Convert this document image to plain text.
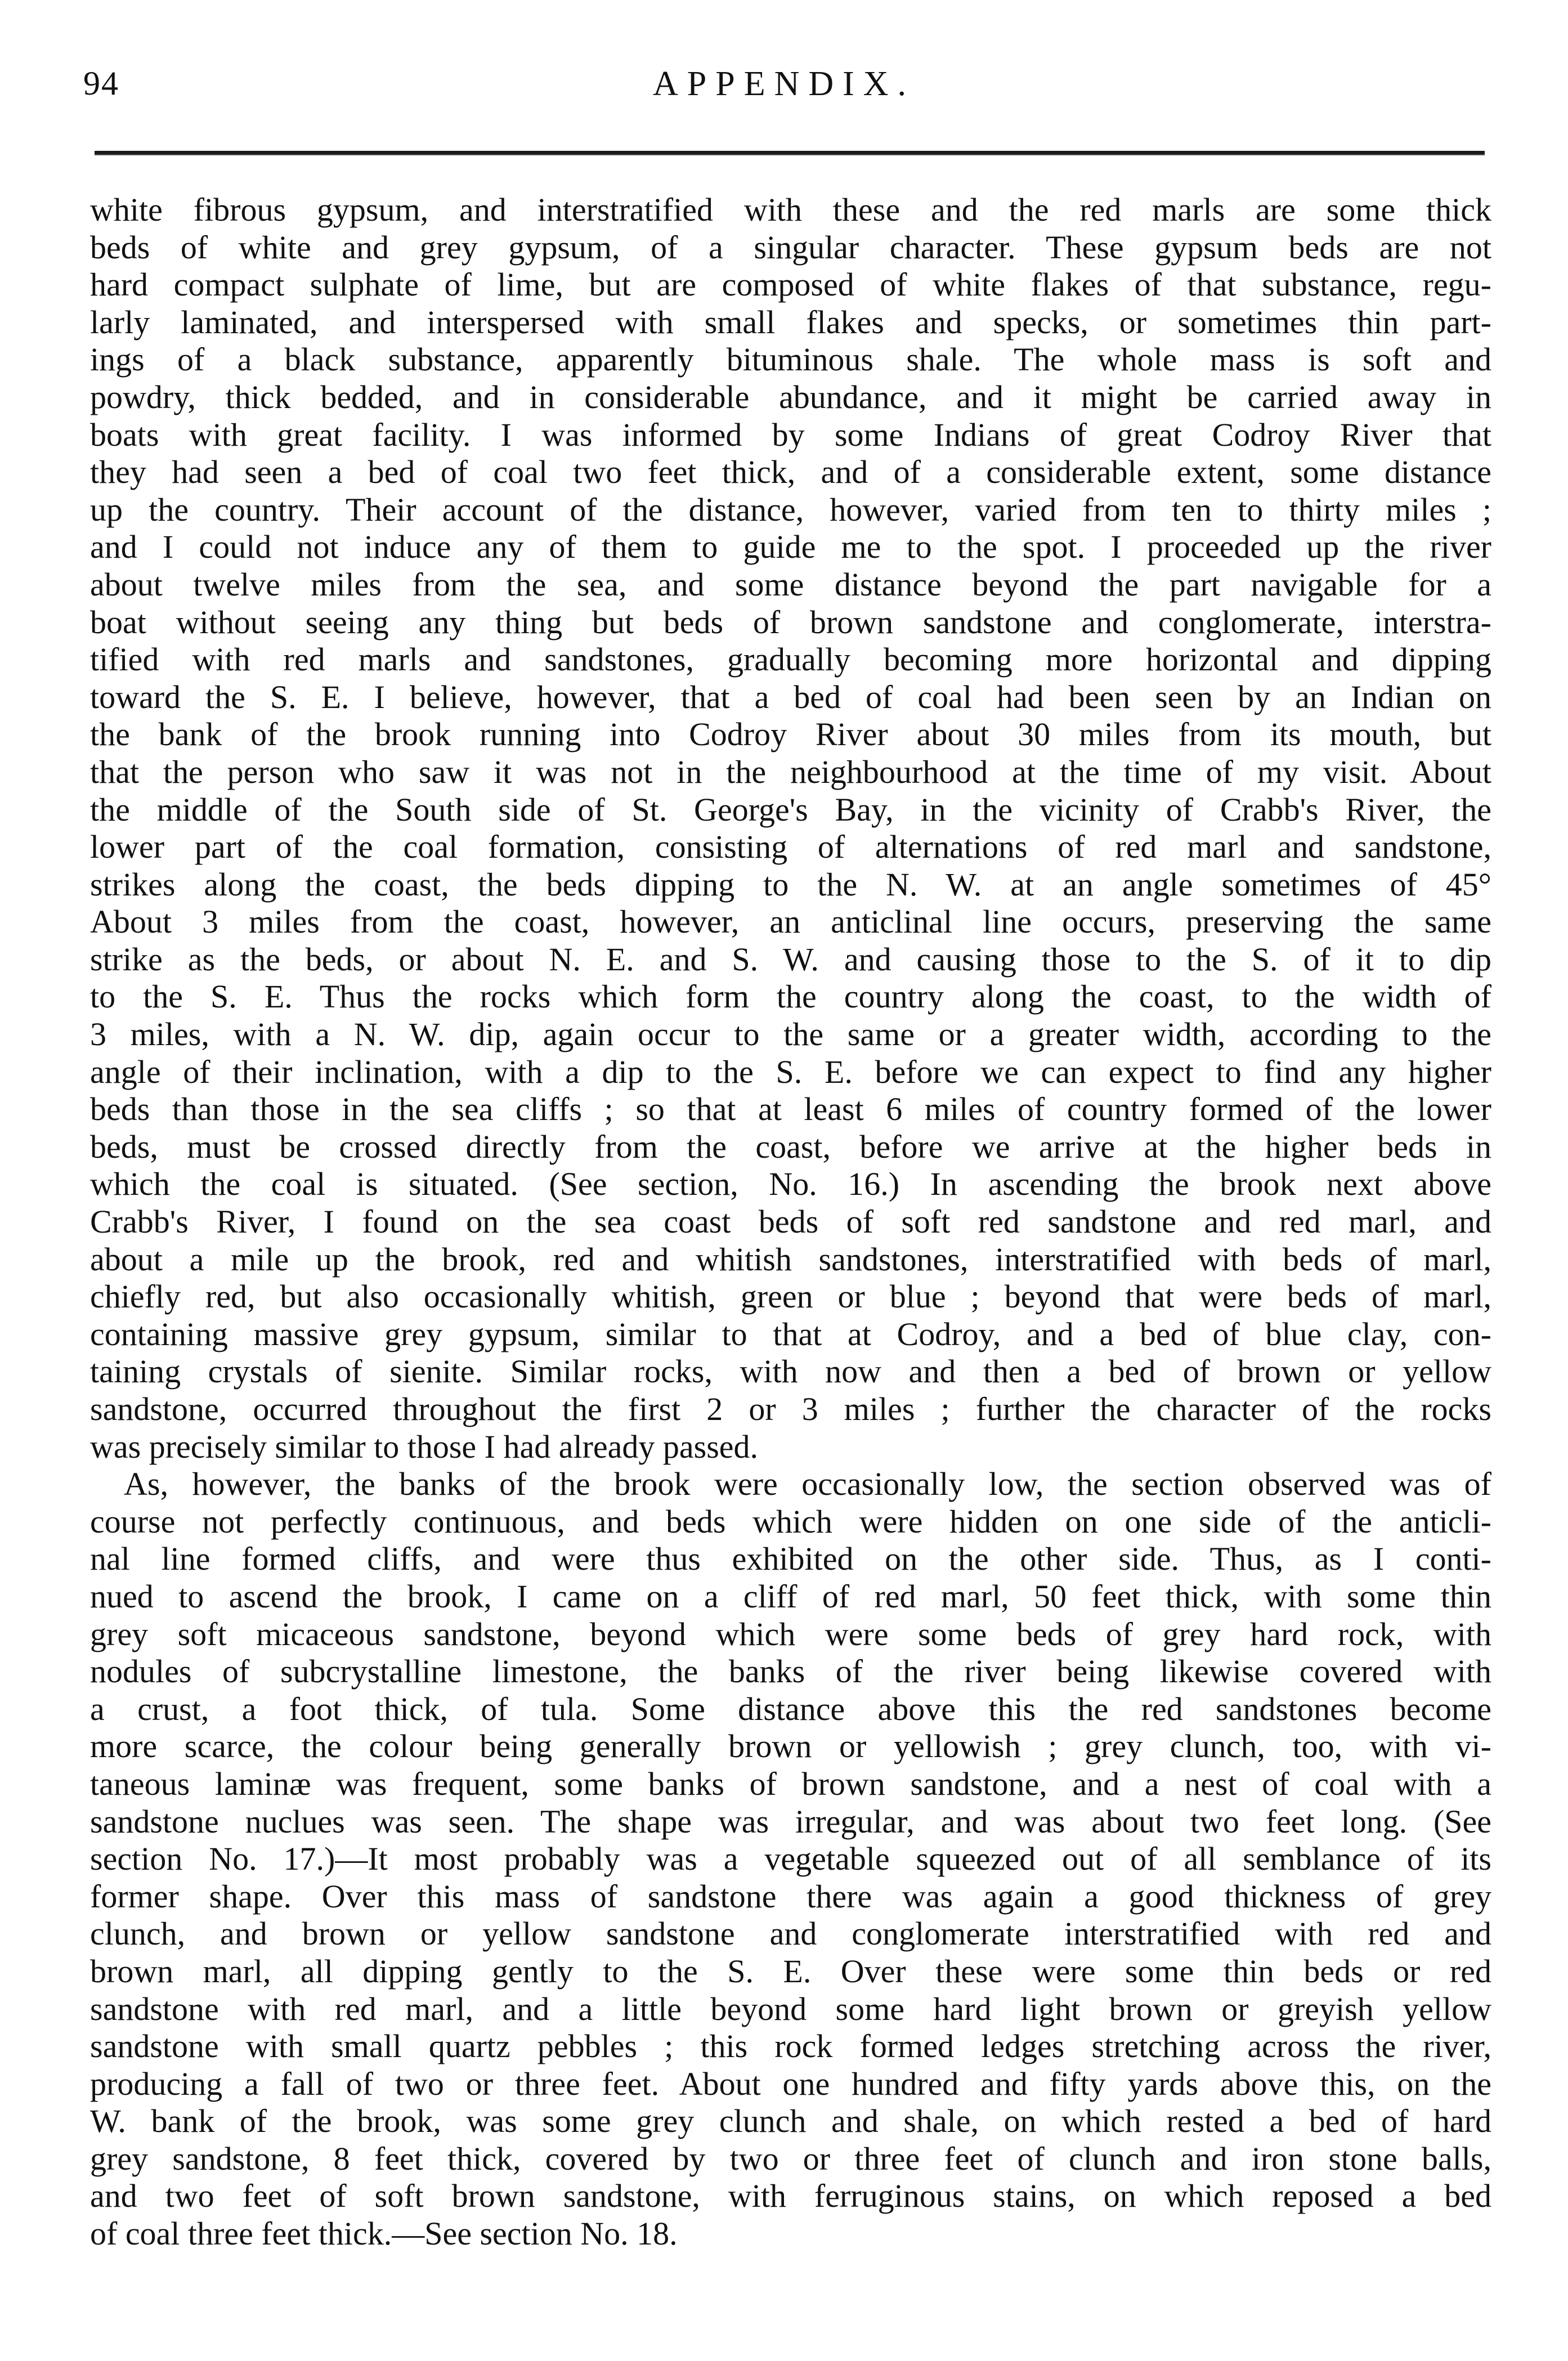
94	APPENDIX.
white fibrous gypsum, and interstratified with these and the red marls are some thick
beds of white and grey gypsum, of a singular character. These gypsum beds are not
hard compact sulphate of lime, but are composed of white flakes of that substance, regu-
larly laminated, and interspersed with small flakes and specks, or sometimes thin part-
ings of a black substance, apparently bituminous shale. The whole mass is soft and
powdry, thick bedded, and in considerable abundance, and it might be carried away in
boats with great facility. I was informed by some Indians of great Codroy River that
they had seen a bed of coal two feet thick, and of a considerable extent, some distance
up the country. Their account of the distance, however, varied from ten to thirty miles ;
and I could not induce any of them to guide me to the spot. I proceeded up the river
about twelve miles from the sea, and some distance beyond the part navigable for a
boat without seeing any thing but beds of brown sandstone and conglomerate, interstra-
tified with red marls and sandstones, gradually becoming more horizontal and dipping
toward the S. E. I believe, however, that a bed of coal had been seen by an Indian on
the bank of the brook running into Codroy River about 30 miles from its mouth, but
that the person who saw it was not in the neighbourhood at the time of my visit. About
the middle of the South side of St. George's Bay, in the vicinity of Crabb's River, the
lower part of the coal formation, consisting of alternations of red marl and sandstone,
strikes along the coast, the beds dipping to the N. W. at an angle sometimes of 45°
About 3 miles from the coast, however, an anticlinal line occurs, preserving the same
strike as the beds, or about N. E. and S. W. and causing those to the S. of it to dip
to the S. E. Thus the rocks which form the country along the coast, to the width of
3 miles, with a N. W. dip, again occur to the same or a greater width, according to the
angle of their inclination, with a dip to the S. E. before we can expect to find any higher
beds than those in the sea cliffs ; so that at least 6 miles of country formed of the lower
beds, must be crossed directly from the coast, before we arrive at the higher beds in
which the coal is situated. (See section, No. 16.) In ascending the brook next above
Crabb's River, I found on the sea coast beds of soft red sandstone and red marl, and
about a mile up the brook, red and whitish sandstones, interstratified with beds of marl,
chiefly red, but also occasionally whitish, green or blue ; beyond that were beds of marl,
containing massive grey gypsum, similar to that at Codroy, and a bed of blue clay, con-
taining crystals of sienite. Similar rocks, with now and then a bed of brown or yellow
sandstone, occurred throughout the first 2 or 3 miles ; further the character of the rocks
was precisely similar to those I had already passed.
As, however, the banks of the brook were occasionally low, the section observed was of
course not perfectly continuous, and beds which were hidden on one side of the anticli-
nal line formed cliffs, and were thus exhibited on the other side. Thus, as I conti-
nued to ascend the brook, I came on a cliff of red marl, 50 feet thick, with some thin
grey soft micaceous sandstone, beyond which were some beds of grey hard rock, with
nodules of subcrystalline limestone, the banks of the river being likewise covered with
a crust, a foot thick, of tula. Some distance above this the red sandstones become
more scarce, the colour being generally brown or yellowish ; grey clunch, too, with vi-
taneous laminæ was frequent, some banks of brown sandstone, and a nest of coal with a
sandstone nuclues was seen. The shape was irregular, and was about two feet long. (See
section No. 17.)—It most probably was a vegetable squeezed out of all semblance of its
former shape. Over this mass of sandstone there was again a good thickness of grey
clunch, and brown or yellow sandstone and conglomerate interstratified with red and
brown marl, all dipping gently to the S. E. Over these were some thin beds or red
sandstone with red marl, and a little beyond some hard light brown or greyish yellow
sandstone with small quartz pebbles ; this rock formed ledges stretching across the river,
producing a fall of two or three feet. About one hundred and fifty yards above this, on the
W. bank of the brook, was some grey clunch and shale, on which rested a bed of hard
grey sandstone, 8 feet thick, covered by two or three feet of clunch and iron stone balls,
and two feet of soft brown sandstone, with ferruginous stains, on which reposed a bed
of coal three feet thick.—See section No. 18.
